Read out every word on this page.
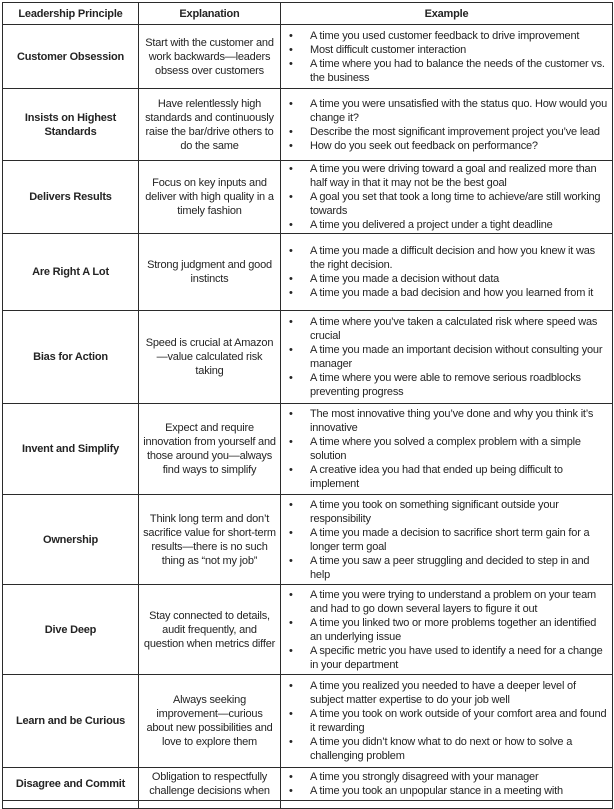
Leadership Principle	Explanation	Example
Customer Obsession	Start with the customer and work backwards—leaders obsess over customers	
• A time you used customer feedback to drive improvement
• Most difficult customer interaction
• A time where you had to balance the needs of the customer vs. the business

Insists on Highest Standards	Have relentlessly high standards and continuously raise the bar/drive others to do the same	
• A time you were unsatisfied with the status quo. How would you change it?
• Describe the most significant improvement project you’ve lead
• How do you seek out feedback on performance?

Delivers Results	Focus on key inputs and deliver with high quality in a timely fashion	
• A time you were driving toward a goal and realized more than half way in that it may not be the best goal
• A goal you set that took a long time to achieve/are still working towards
• A time you delivered a project under a tight deadline

Are Right A Lot	Strong judgment and good instincts	
• A time you made a difficult decision and how you knew it was the right decision.
• A time you made a decision without data
• A time you made a bad decision and how you learned from it

Bias for Action	Speed is crucial at Amazon—value calculated risk taking	
• A time where you’ve taken a calculated risk where speed was crucial
• A time you made an important decision without consulting your manager
• A time where you were able to remove serious roadblocks preventing progress

Invent and Simplify	Expect and require innovation from yourself and those around you—always find ways to simplify	
• The most innovative thing you’ve done and why you think it’s innovative
• A time where you solved a complex problem with a simple solution
• A creative idea you had that ended up being difficult to implement

Ownership	Think long term and don’t sacrifice value for short-term results—there is no such thing as “not my job”	
• A time you took on something significant outside your responsibility
• A time you made a decision to sacrifice short term gain for a longer term goal
• A time you saw a peer struggling and decided to step in and help

Dive Deep	Stay connected to details, audit frequently, and question when metrics differ	
• A time you were trying to understand a problem on your team and had to go down several layers to figure it out
• A time you linked two or more problems together an identified an underlying issue
• A specific metric you have used to identify a need for a change in your department

Learn and be Curious	Always seeking improvement—curious about new possibilities and love to explore them	
• A time you realized you needed to have a deeper level of subject matter expertise to do your job well
• A time you took on work outside of your comfort area and found it rewarding
• A time you didn’t know what to do next or how to solve a challenging problem

Disagree and Commit	Obligation to respectfully challenge decisions when	
• A time you strongly disagreed with your manager
• A time you took an unpopular stance in a meeting with
